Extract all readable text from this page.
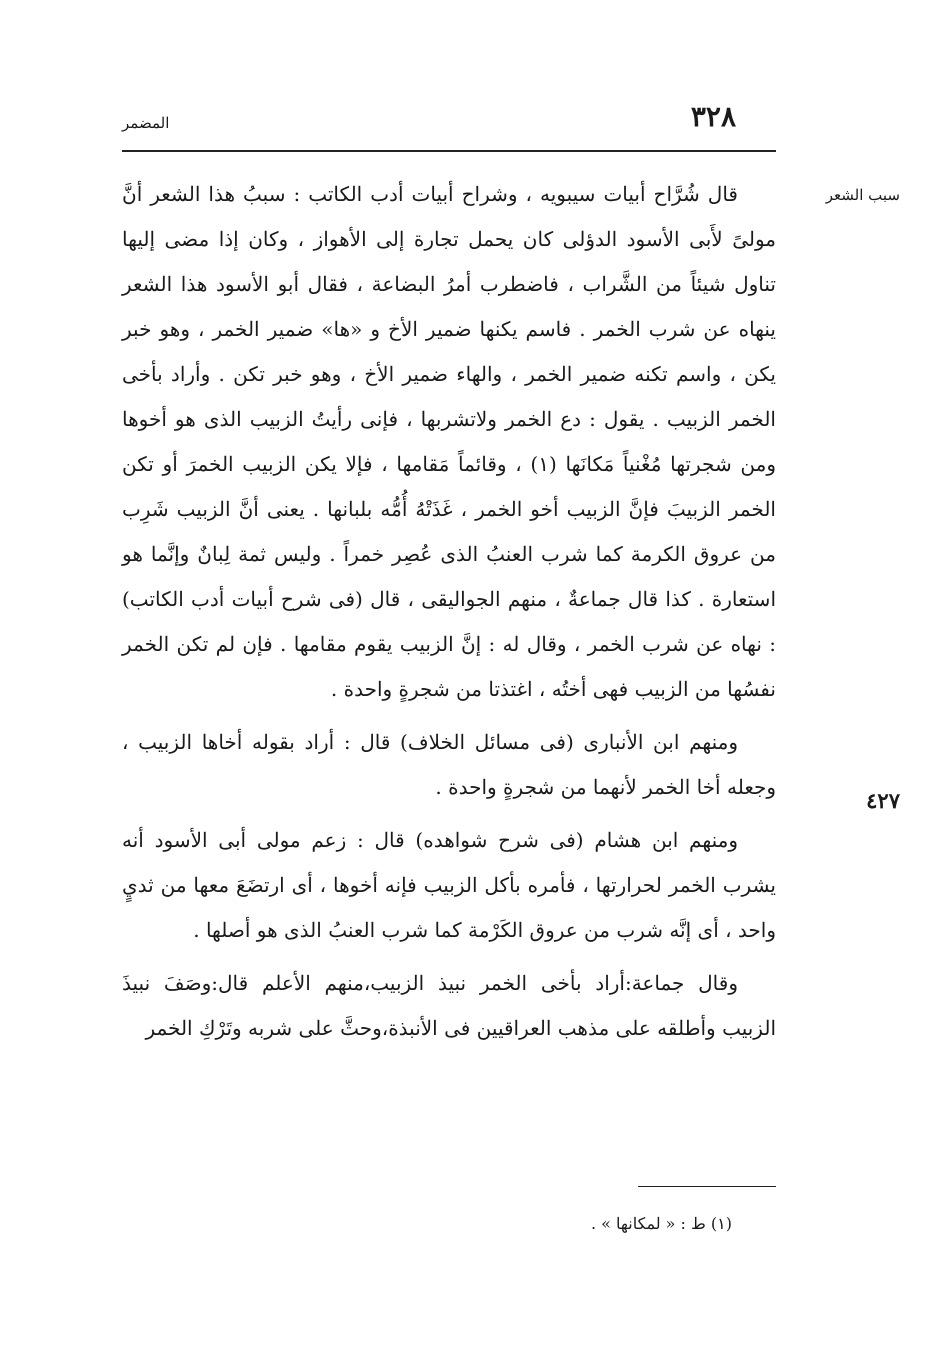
٣٢٨
المضمر
سبب الشعر
٤٢٧

قال شُرَّاح أبيات سيبويه ، وشراح أبيات أدب الكاتب : سببُ هذا الشعر أنَّ مولىً لأَبى الأسود الدؤلى كان يحمل تجارة إلى الأهواز ، وكان إذا مضى إليها تناول شيئاً من الشَّراب ، فاضطرب أمرُ البضاعة ، فقال أبو الأسود هذا الشعر ينهاه عن شرب الخمر . فاسم يكنها ضمير الأخ و «ها» ضمير الخمر ، وهو خبر يكن ، واسم تكنه ضمير الخمر ، والهاء ضمير الأخ ، وهو خبر تكن . وأراد بأخى الخمر الزبيب . يقول : دع الخمر ولاتشربها ، فإنى رأيتُ الزبيب الذى هو أخوها ومن شجرتها مُغْنياً مَكانَها (١) ، وقائماً مَقامها ، فإلا يكن الزبيب الخمرَ أو تكن الخمر الزبيبَ فإنَّ الزبيب أخو الخمر ، غَذَتْهُ أُمُّه بلبانها . يعنى أنَّ الزبيب شَرِب من عروق الكرمة كما شرب العنبُ الذى عُصِر خمراً . وليس ثمة لِبانٌ وإنَّما هو استعارة . كذا قال جماعةٌ ، منهم الجواليقى ، قال (فى شرح أبيات أدب الكاتب) : نهاه عن شرب الخمر ، وقال له : إنَّ الزبيب يقوم مقامها . فإن لم تكن الخمر نفسُها من الزبيب فهى أختُه ، اغتذتا من شجرةٍ واحدة .

ومنهم ابن الأنبارى (فى مسائل الخلاف) قال : أراد بقوله أخاها الزبيب ، وجعله أخا الخمر لأنهما من شجرةٍ واحدة .

ومنهم ابن هشام (فى شرح شواهده) قال : زعم مولى أبى الأسود أنه يشرب الخمر لحرارتها ، فأمره بأكل الزبيب فإنه أخوها ، أى ارتضَعَ معها من ثديٍ واحد ، أى إنَّه شرب من عروق الكَرْمة كما شرب العنبُ الذى هو أصلها .

وقال جماعة:أراد بأخى الخمر نبيذ الزبيب،منهم الأعلم قال:وصَفَ نبيذَ الزبيب وأطلقه على مذهب العراقيين فى الأنبذة،وحثَّ على شربه وتَرْكِ الخمر

(١) ط : « لمكانها » .
